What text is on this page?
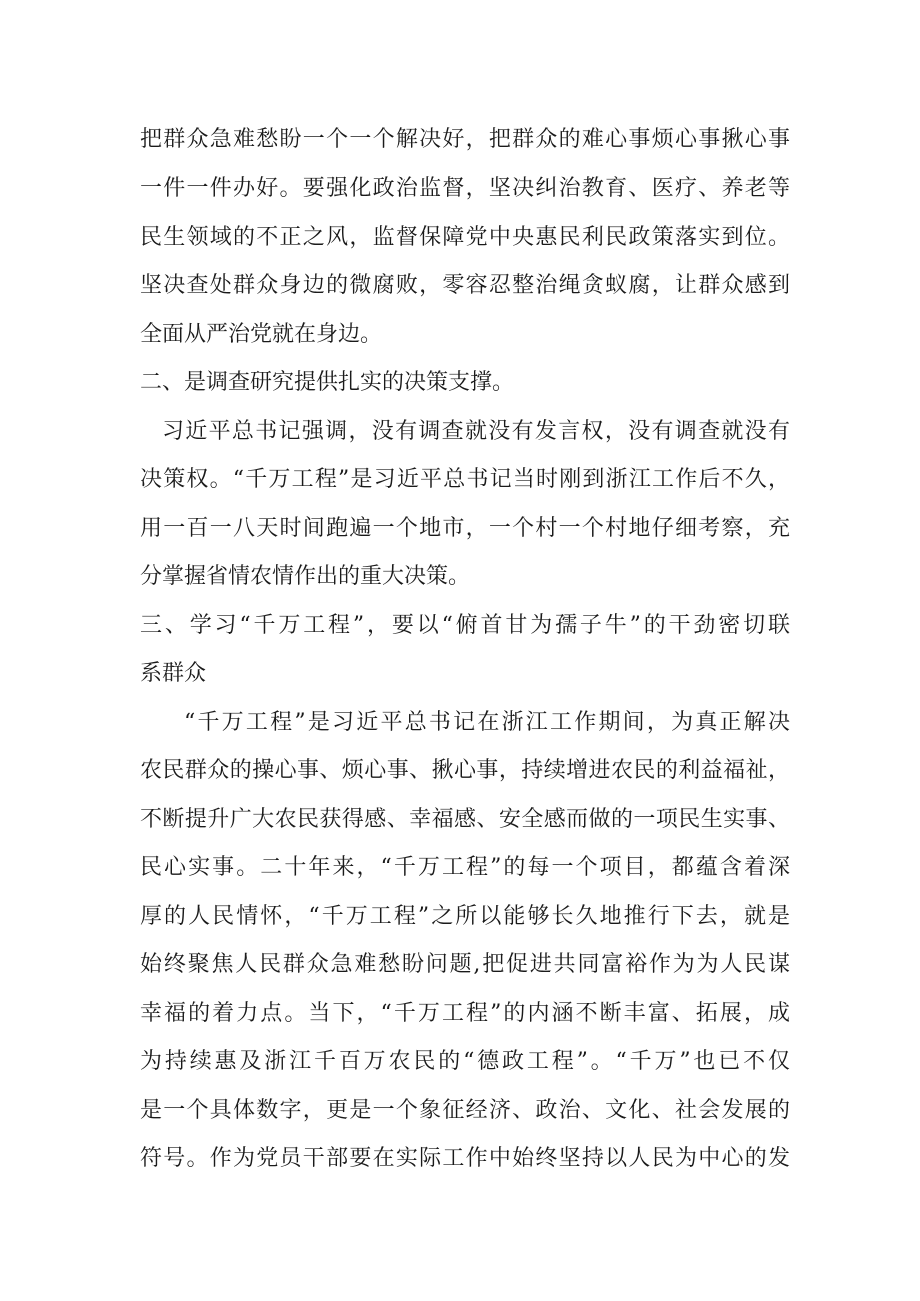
把群众急难愁盼一个一个解决好，把群众的难心事烦心事揪心事
一件一件办好。要强化政治监督，坚决纠治教育、医疗、养老等
民生领域的不正之风，监督保障党中央惠民利民政策落实到位。
坚决查处群众身边的微腐败，零容忍整治绳贪蚁腐，让群众感到
全面从严治党就在身边。
二、是调查研究提供扎实的决策支撑。
习近平总书记强调，没有调查就没有发言权，没有调查就没有
决策权。“千万工程”是习近平总书记当时刚到浙江工作后不久，
用一百一八天时间跑遍一个地市，一个村一个村地仔细考察，充
分掌握省情农情作出的重大决策。
三、学习“千万工程”，要以“俯首甘为孺子牛”的干劲密切联
系群众
“千万工程”是习近平总书记在浙江工作期间，为真正解决
农民群众的操心事、烦心事、揪心事，持续增进农民的利益福祉，
不断提升广大农民获得感、幸福感、安全感而做的一项民生实事、
民心实事。二十年来，“千万工程”的每一个项目，都蕴含着深
厚的人民情怀，“千万工程”之所以能够长久地推行下去，就是
始终聚焦人民群众急难愁盼问题,把促进共同富裕作为为人民谋
幸福的着力点。当下，“千万工程”的内涵不断丰富、拓展，成
为持续惠及浙江千百万农民的“德政工程”。“千万”也已不仅
是一个具体数字，更是一个象征经济、政治、文化、社会发展的
符号。作为党员干部要在实际工作中始终坚持以人民为中心的发
